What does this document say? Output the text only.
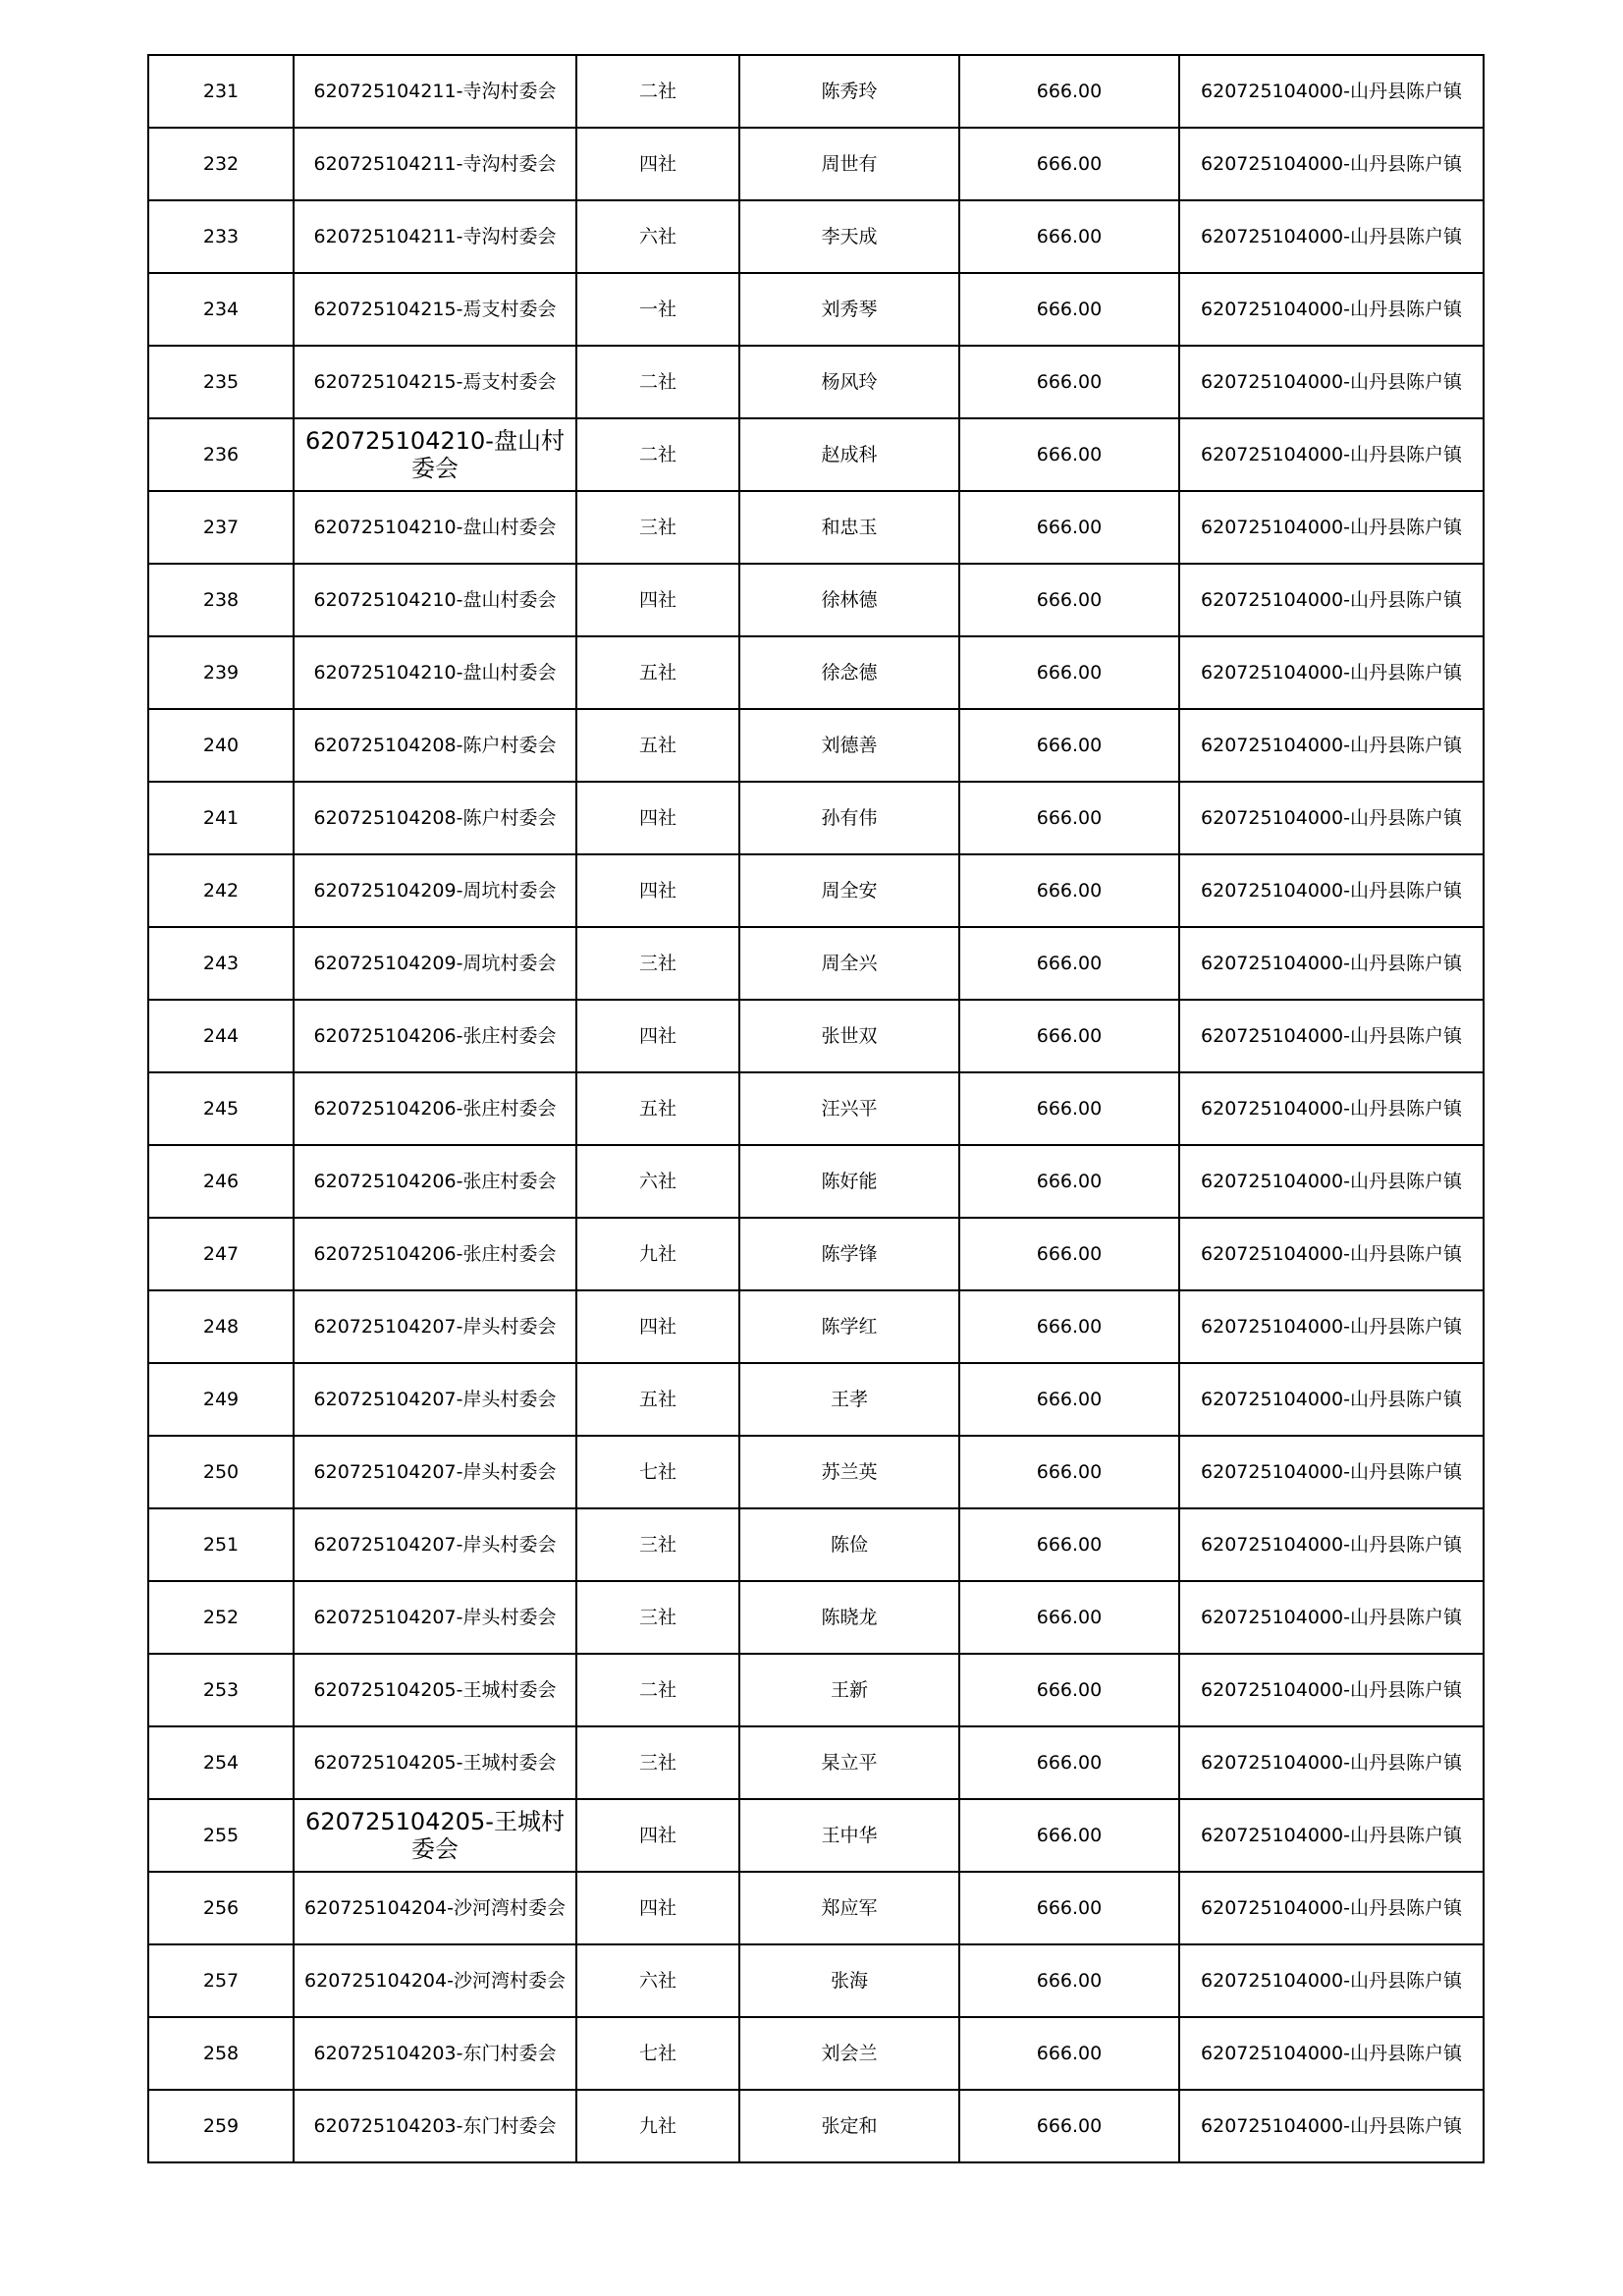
231	620725104211-寺沟村委会	二社	陈秀玲	666.00	620725104000-山丹县陈户镇
232	620725104211-寺沟村委会	四社	周世有	666.00	620725104000-山丹县陈户镇
233	620725104211-寺沟村委会	六社	李天成	666.00	620725104000-山丹县陈户镇
234	620725104215-焉支村委会	一社	刘秀琴	666.00	620725104000-山丹县陈户镇
235	620725104215-焉支村委会	二社	杨风玲	666.00	620725104000-山丹县陈户镇
236	620725104210-盘山村委会	二社	赵成科	666.00	620725104000-山丹县陈户镇
237	620725104210-盘山村委会	三社	和忠玉	666.00	620725104000-山丹县陈户镇
238	620725104210-盘山村委会	四社	徐林德	666.00	620725104000-山丹县陈户镇
239	620725104210-盘山村委会	五社	徐念德	666.00	620725104000-山丹县陈户镇
240	620725104208-陈户村委会	五社	刘德善	666.00	620725104000-山丹县陈户镇
241	620725104208-陈户村委会	四社	孙有伟	666.00	620725104000-山丹县陈户镇
242	620725104209-周坑村委会	四社	周全安	666.00	620725104000-山丹县陈户镇
243	620725104209-周坑村委会	三社	周全兴	666.00	620725104000-山丹县陈户镇
244	620725104206-张庄村委会	四社	张世双	666.00	620725104000-山丹县陈户镇
245	620725104206-张庄村委会	五社	汪兴平	666.00	620725104000-山丹县陈户镇
246	620725104206-张庄村委会	六社	陈好能	666.00	620725104000-山丹县陈户镇
247	620725104206-张庄村委会	九社	陈学锋	666.00	620725104000-山丹县陈户镇
248	620725104207-岸头村委会	四社	陈学红	666.00	620725104000-山丹县陈户镇
249	620725104207-岸头村委会	五社	王孝	666.00	620725104000-山丹县陈户镇
250	620725104207-岸头村委会	七社	苏兰英	666.00	620725104000-山丹县陈户镇
251	620725104207-岸头村委会	三社	陈俭	666.00	620725104000-山丹县陈户镇
252	620725104207-岸头村委会	三社	陈晓龙	666.00	620725104000-山丹县陈户镇
253	620725104205-王城村委会	二社	王新	666.00	620725104000-山丹县陈户镇
254	620725104205-王城村委会	三社	杲立平	666.00	620725104000-山丹县陈户镇
255	620725104205-王城村委会	四社	王中华	666.00	620725104000-山丹县陈户镇
256	620725104204-沙河湾村委会	四社	郑应军	666.00	620725104000-山丹县陈户镇
257	620725104204-沙河湾村委会	六社	张海	666.00	620725104000-山丹县陈户镇
258	620725104203-东门村委会	七社	刘会兰	666.00	620725104000-山丹县陈户镇
259	620725104203-东门村委会	九社	张定和	666.00	620725104000-山丹县陈户镇
